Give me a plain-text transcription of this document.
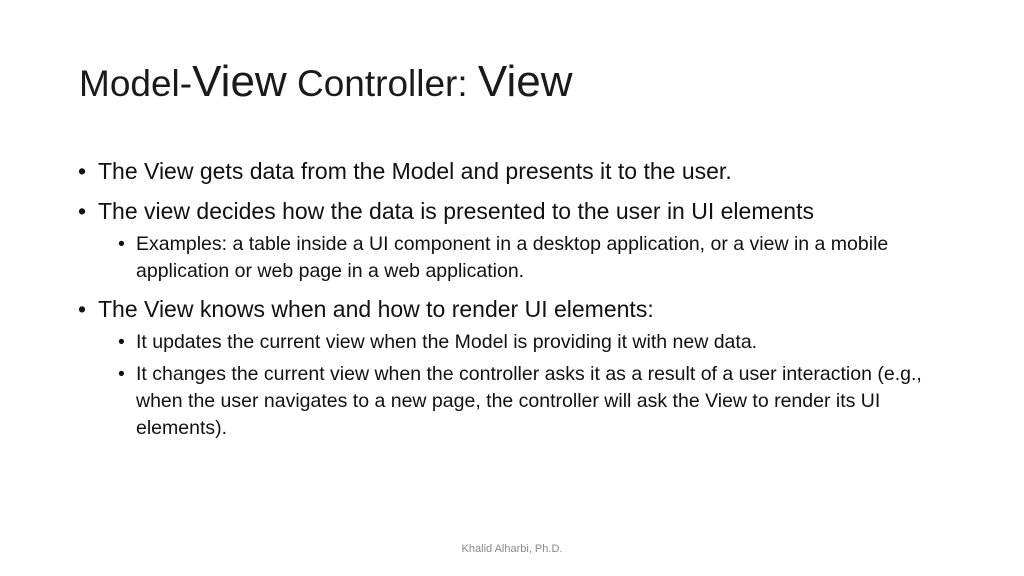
Model-View Controller: View
• The View gets data from the Model and presents it to the user.
• The view decides how the data is presented to the user in UI elements
• Examples: a table inside a UI component in a desktop application, or a view in a mobile application or web page in a web application.
• The View knows when and how to render UI elements:
• It updates the current view when the Model is providing it with new data.
• It changes the current view when the controller asks it as a result of a user interaction (e.g., when the user navigates to a new page, the controller will ask the View to render its UI elements).
Khalid Alharbi, Ph.D.
